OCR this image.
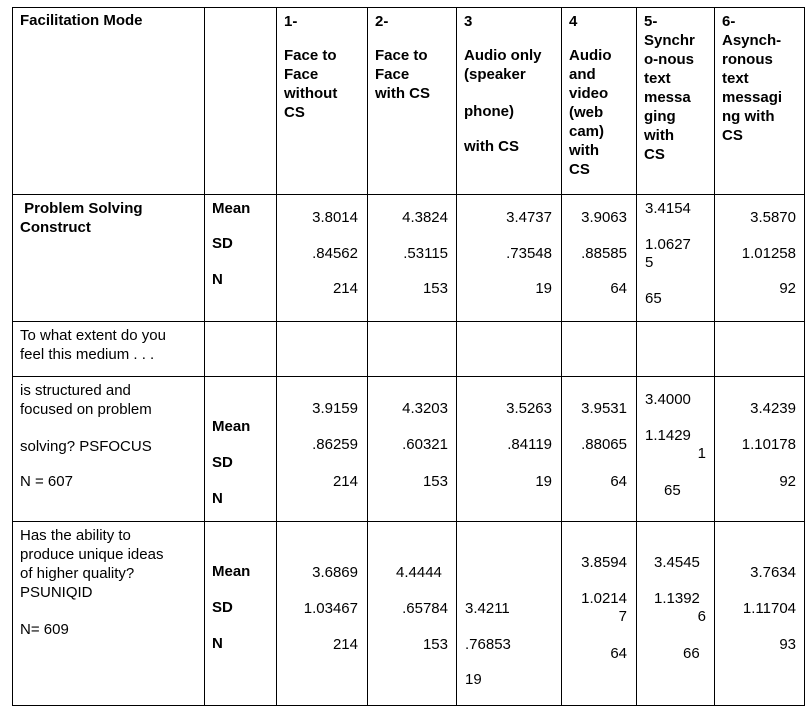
Facilitation Mode	1-
Face to
Face
without
CS
2-
Face to
Face
with CS
3
Audio only
(speaker
phone)
with CS
4
Audio
and
video
(web
cam)
with
CS
5-
Synchr
o-nous
text
messa
ging
with
CS
6-
Asynch-
ronous
text
messagi
ng with
CS
Problem Solving
Construct
Mean
SD
N
3.8014
.84562
214
4.3824
.53115
153
3.4737
.73548
19
3.9063
.88585
64
3.4154
1.0627
5
65
3.5870
1.01258
92
To what extent do you
feel this medium . . .
is structured and
focused on problem
solving? PSFOCUS
N = 607
Mean
SD
N
3.9159
.86259
214
4.3203
.60321
153
3.5263
.84119
19
3.9531
.88065
64
3.4000
1.1429
1
65
3.4239
1.10178
92
Has the ability to
produce unique ideas
of higher quality?
PSUNIQID
N= 609
Mean
SD
N
3.6869
1.03467
214
4.4444
.65784
153
3.4211
.76853
19
3.8594
1.0214
7
64
3.4545
1.1392
6
66
3.7634
1.11704
93
